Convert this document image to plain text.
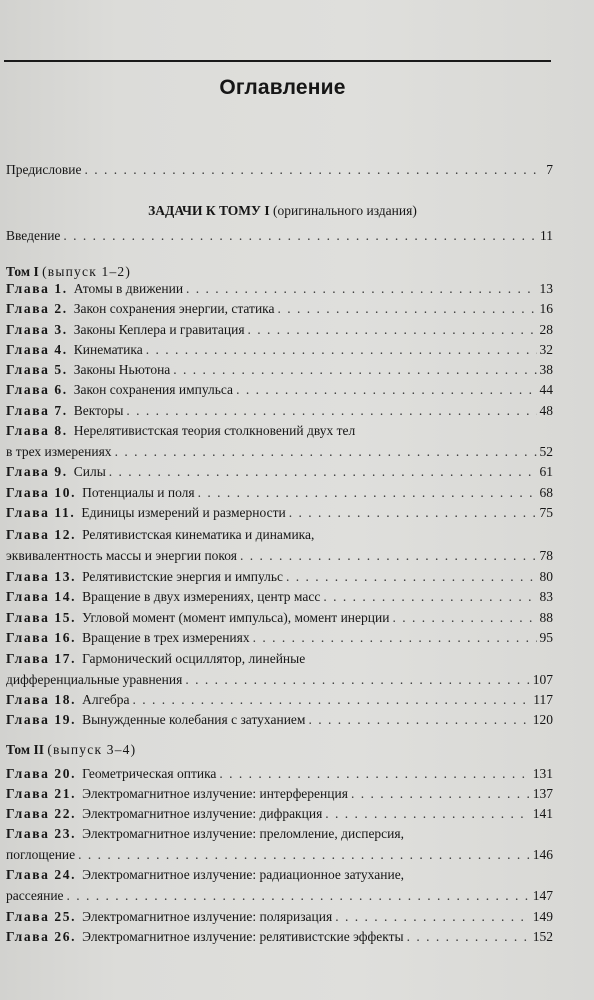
Оглавление
Предисловие . . .	7
ЗАДАЧИ К ТОМУ I (оригинального издания)
Введение . . .	11
Том I (выпуск 1–2)
Глава 1. Атомы в движении . . .	13
Глава 2. Закон сохранения энергии, статика . . .	16
Глава 3. Законы Кеплера и гравитация . . .	28
Глава 4. Кинематика . . .	32
Глава 5. Законы Ньютона . . .	38
Глава 6. Закон сохранения импульса . . .	44
Глава 7. Векторы . . .	48
Глава 8. Нерелятивистская теория столкновений двух тел
в трех измерениях . . .	52
Глава 9. Силы . . .	61
Глава 10. Потенциалы и поля . . .	68
Глава 11. Единицы измерений и размерности . . .	75
Глава 12. Релятивистская кинематика и динамика,
эквивалентность массы и энергии покоя . . .	78
Глава 13. Релятивистские энергия и импульс . . .	80
Глава 14. Вращение в двух измерениях, центр масс . . .	83
Глава 15. Угловой момент (момент импульса), момент инерции . . .	88
Глава 16. Вращение в трех измерениях . . .	95
Глава 17. Гармонический осциллятор, линейные
дифференциальные уравнения . . .	107
Глава 18. Алгебра . . .	117
Глава 19. Вынужденные колебания с затуханием . . .	120
Том II (выпуск 3–4)
Глава 20. Геометрическая оптика . . .	131
Глава 21. Электромагнитное излучение: интерференция . . .	137
Глава 22. Электромагнитное излучение: дифракция . . .	141
Глава 23. Электромагнитное излучение: преломление, дисперсия,
поглощение . . .	146
Глава 24. Электромагнитное излучение: радиационное затухание,
рассеяние . . .	147
Глава 25. Электромагнитное излучение: поляризация . . .	149
Глава 26. Электромагнитное излучение: релятивистские эффекты . . .	152
